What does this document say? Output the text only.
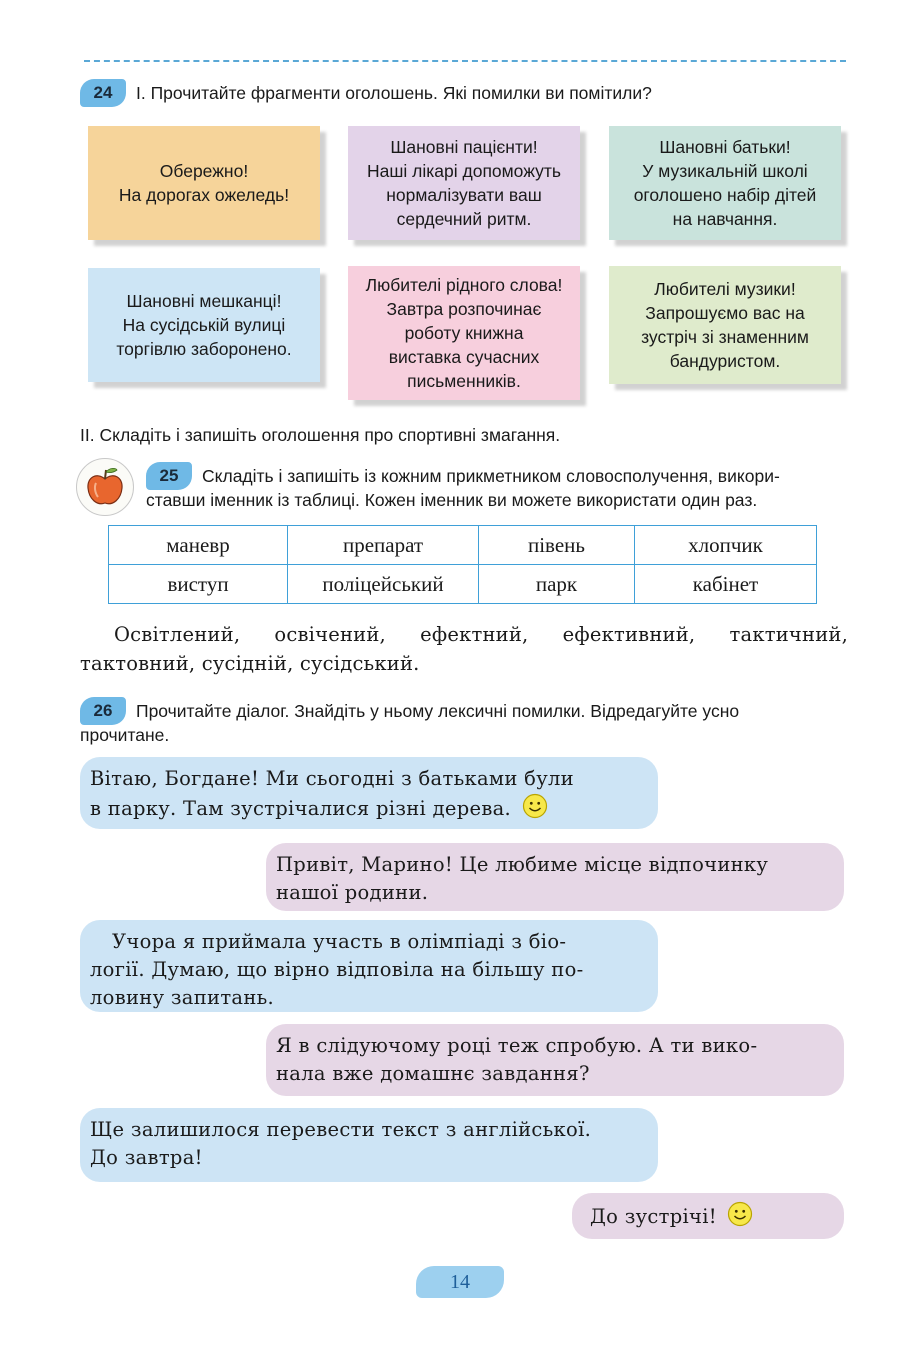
24	І. Прочитайте фрагменти оголошень. Які помилки ви помітили?
Обережно!
На дорогах ожеледь!
Шановні пацієнти!
Наші лікарі допоможуть
нормалізувати ваш
сердечний ритм.
Шановні батьки!
У музикальній школі
оголошено набір дітей
на навчання.
Шановні мешканці!
На сусідській вулиці
торгівлю заборонено.
Любителі рідного слова!
Завтра розпочинає
роботу книжна
виставка сучасних
письменників.
Любителі музики!
Запрошуємо вас на
зустріч зі знаменним
бандуристом.
ІІ. Складіть і запишіть оголошення про спортивні змагання.
25	Складіть і запишіть із кожним прикметником словосполучення, викори-
ставши іменник із таблиці. Кожен іменник ви можете використати один раз.
маневр	препарат	півень	хлопчик
виступ	поліцейський	парк	кабінет
Освітлений, освічений, ефектний, ефективний, тактичний, тактовний, сусідній, сусідський.
26	Прочитайте діалог. Знайдіть у ньому лексичні помилки. Відредагуйте усно
прочитане.
Вітаю, Богдане! Ми сьогодні з батьками були
в парку. Там зустрічалися різні дерева.
Привіт, Марино! Це любиме місце відпочинку
нашої родини.
Учора я приймала участь в олімпіаді з біо-
логії. Думаю, що вірно відповіла на більшу по-
ловину запитань.
Я в слідуючому році теж спробую. А ти вико-
нала вже домашнє завдання?
Ще залишилося перевести текст з англійської.
До завтра!
До зустрічі!
14
